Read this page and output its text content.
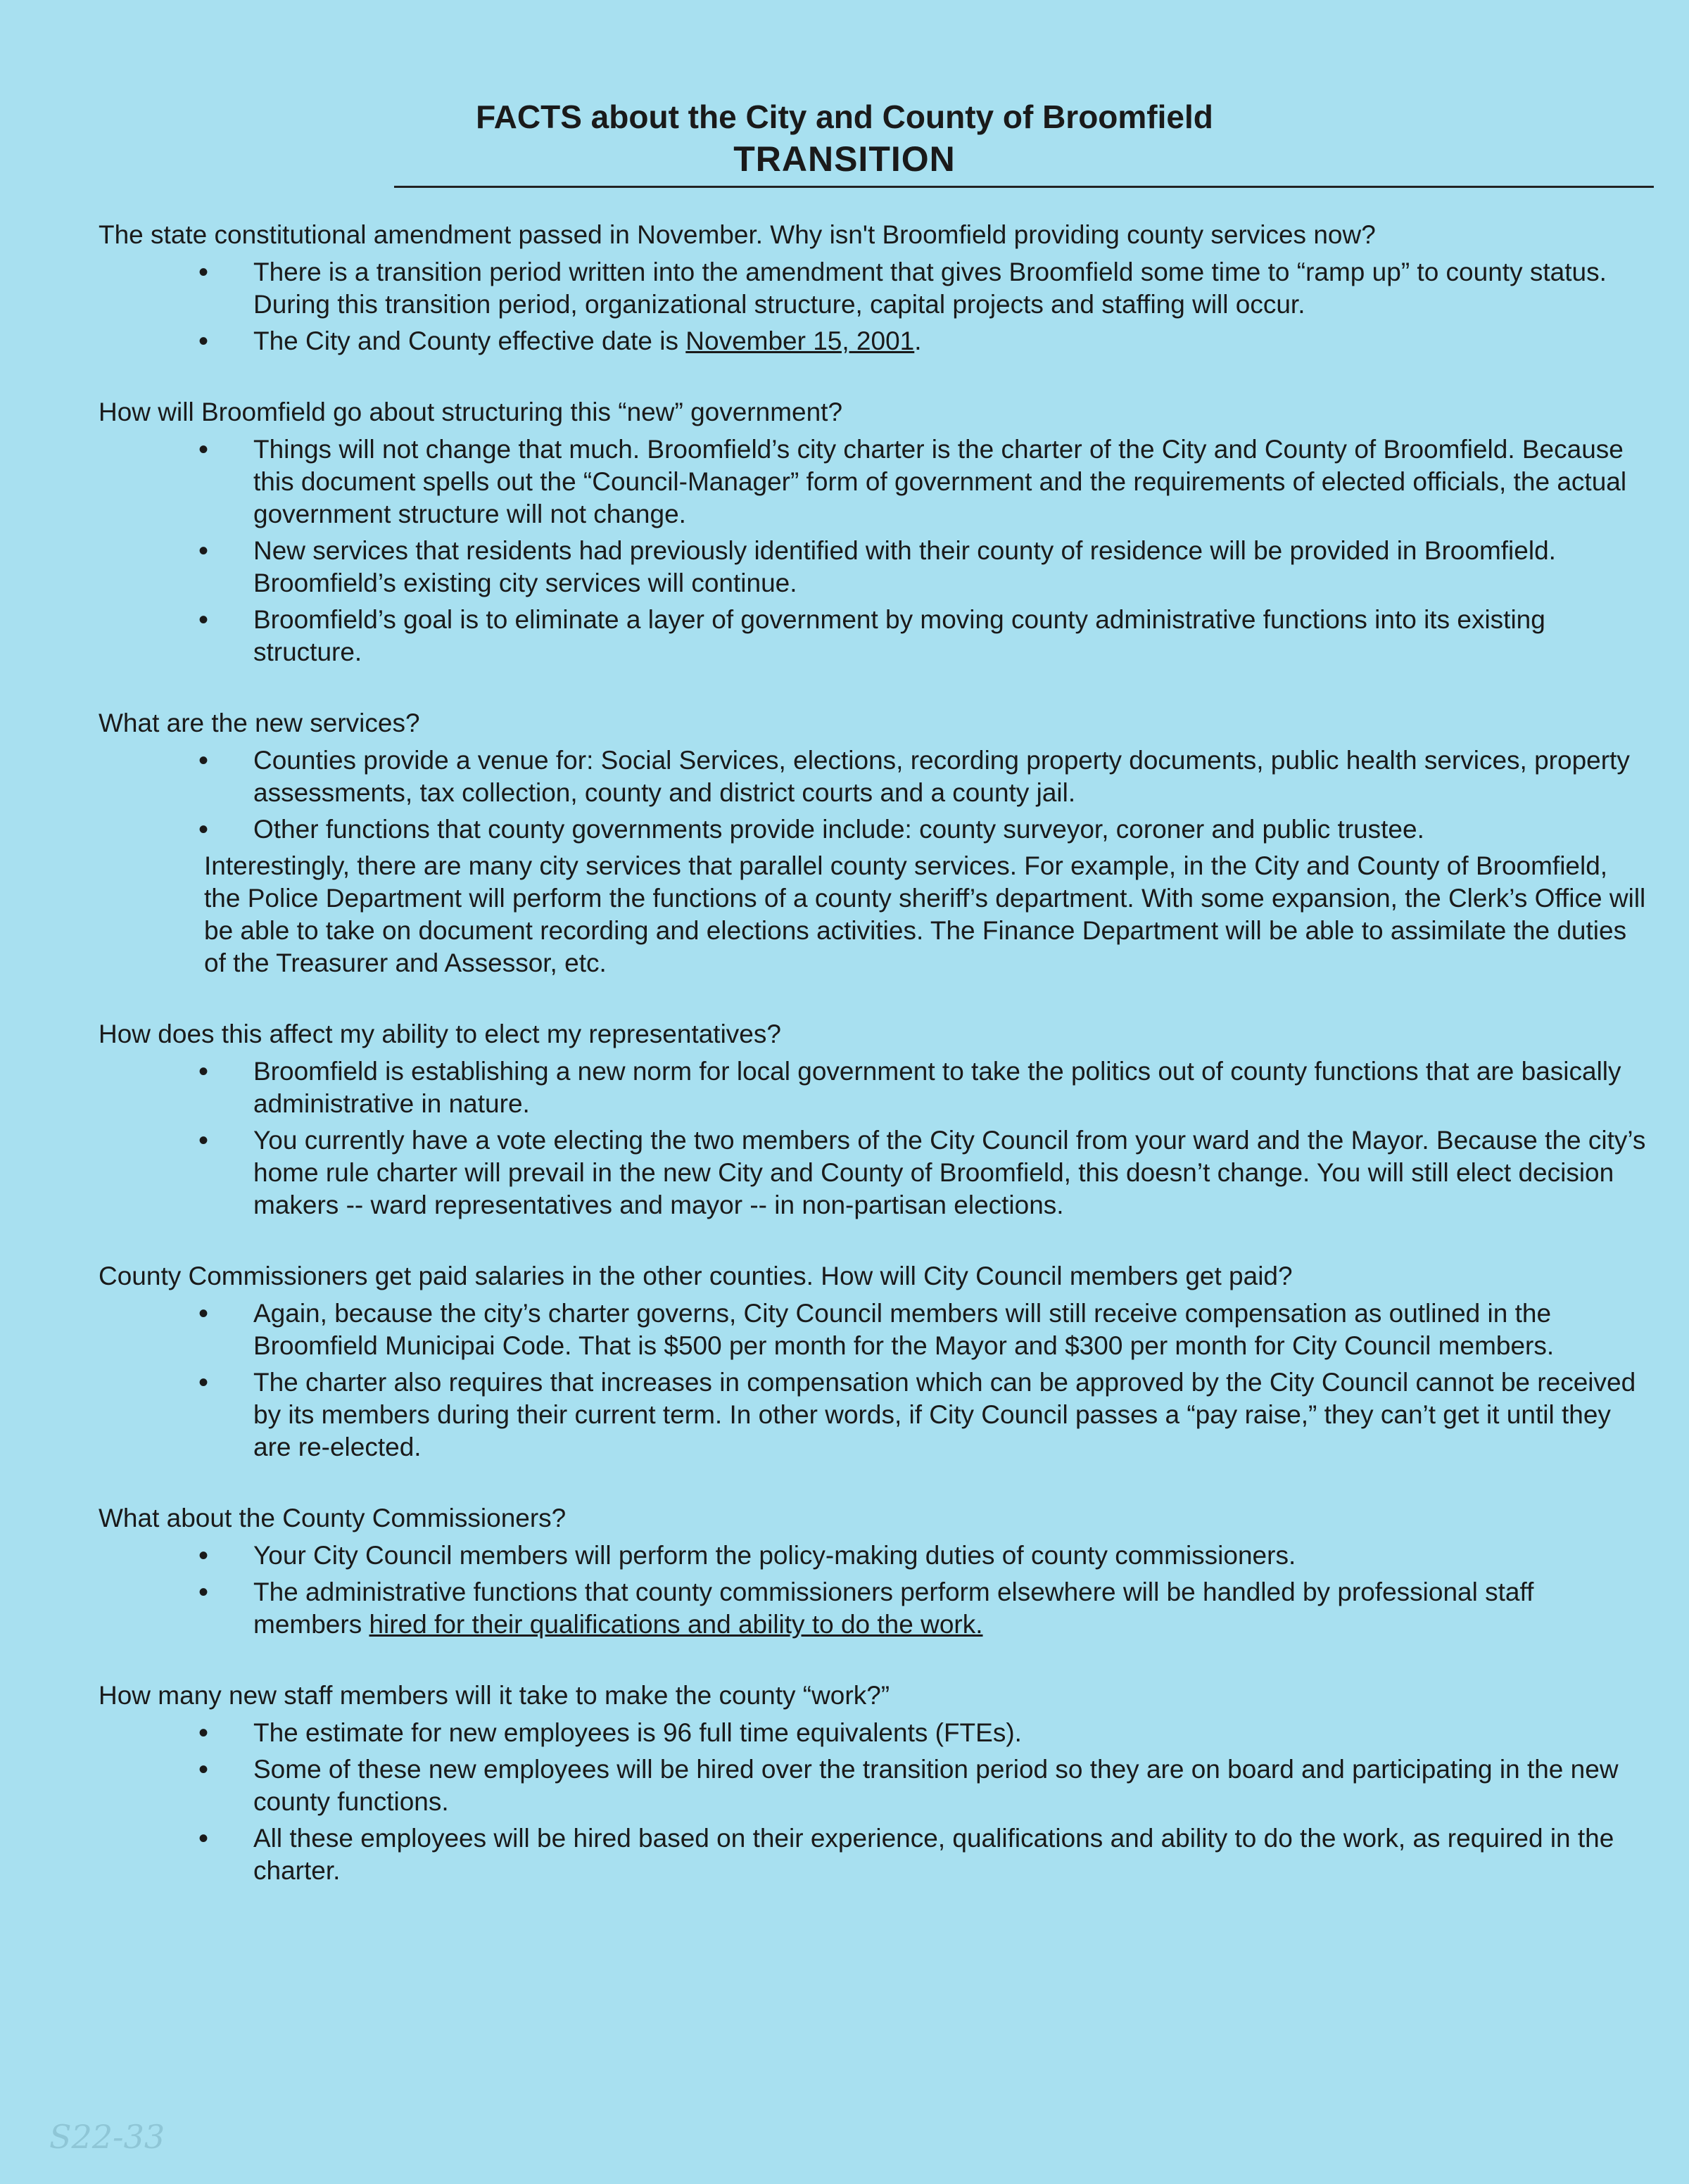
FACTS about the City and County of Broomfield
TRANSITION
The state constitutional amendment passed in November. Why isn't Broomfield providing county services now?
• There is a transition period written into the amendment that gives Broomfield some time to “ramp up” to county status. During this transition period, organizational structure, capital projects and staffing will occur.
• The City and County effective date is November 15, 2001.
How will Broomfield go about structuring this “new” government?
• Things will not change that much. Broomfield’s city charter is the charter of the City and County of Broomfield. Because this document spells out the “Council-Manager” form of government and the requirements of elected officials, the actual government structure will not change.
• New services that residents had previously identified with their county of residence will be provided in Broomfield. Broomfield’s existing city services will continue.
• Broomfield’s goal is to eliminate a layer of government by moving county administrative functions into its existing structure.
What are the new services?
• Counties provide a venue for: Social Services, elections, recording property documents, public health services, property assessments, tax collection, county and district courts and a county jail.
• Other functions that county governments provide include: county surveyor, coroner and public trustee.
Interestingly, there are many city services that parallel county services. For example, in the City and County of Broomfield, the Police Department will perform the functions of a county sheriff’s department. With some expansion, the Clerk’s Office will be able to take on document recording and elections activities. The Finance Department will be able to assimilate the duties of the Treasurer and Assessor, etc.
How does this affect my ability to elect my representatives?
• Broomfield is establishing a new norm for local government to take the politics out of county functions that are basically administrative in nature.
• You currently have a vote electing the two members of the City Council from your ward and the Mayor. Because the city’s home rule charter will prevail in the new City and County of Broomfield, this doesn’t change. You will still elect decision makers -- ward representatives and mayor -- in non-partisan elections.
County Commissioners get paid salaries in the other counties. How will City Council members get paid?
• Again, because the city’s charter governs, City Council members will still receive compensation as outlined in the Broomfield Municipai Code. That is $500 per month for the Mayor and $300 per month for City Council members.
• The charter also requires that increases in compensation which can be approved by the City Council cannot be received by its members during their current term. In other words, if City Council passes a “pay raise,” they can’t get it until they are re-elected.
What about the County Commissioners?
• Your City Council members will perform the policy-making duties of county commissioners.
• The administrative functions that county commissioners perform elsewhere will be handled by professional staff members hired for their qualifications and ability to do the work.
How many new staff members will it take to make the county “work?”
• The estimate for new employees is 96 full time equivalents (FTEs).
• Some of these new employees will be hired over the transition period so they are on board and participating in the new county functions.
• All these employees will be hired based on their experience, qualifications and ability to do the work, as required in the charter.
S22-33
